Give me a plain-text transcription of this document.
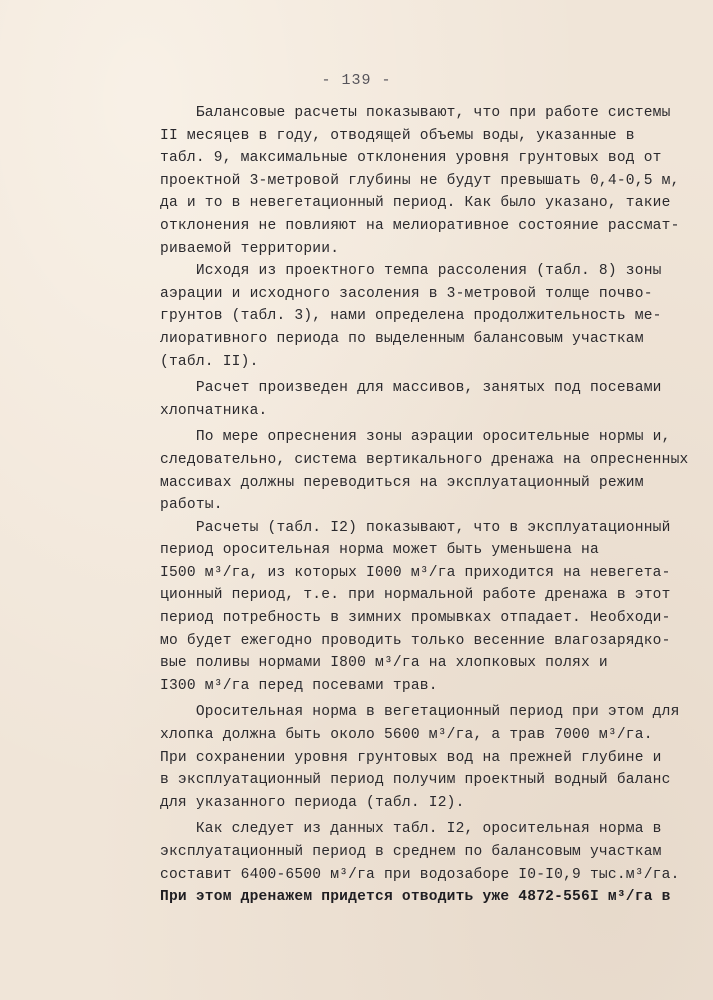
- 139 -
Балансовые расчеты показывают, что при работе системы
II месяцев в году, отводящей объемы воды, указанные в
табл. 9, максимальные отклонения уровня грунтовых вод от
проектной 3-метровой глубины не будут превышать 0,4-0,5 м,
да и то в невегетационный период. Как было указано, такие
отклонения не повлияют на мелиоративное состояние рассмат-
риваемой территории.
Исходя из проектного темпа рассоления (табл. 8) зоны
аэрации и исходного засоления в 3-метровой толще почво-
грунтов (табл. 3), нами определена продолжительность ме-
лиоративного периода по выделенным балансовым участкам
(табл. II).
Расчет произведен для массивов, занятых под посевами
хлопчатника.
По мере опреснения зоны аэрации оросительные нормы и,
следовательно, система вертикального дренажа на опресненных
массивах должны переводиться на эксплуатационный режим
работы.
Расчеты (табл. I2) показывают, что в эксплуатационный
период оросительная норма может быть уменьшена на
I500 м³/га, из которых I000 м³/га приходится на невегета-
ционный период, т.е. при нормальной работе дренажа в этот
период потребность в зимних промывках отпадает. Необходи-
мо будет ежегодно проводить только весенние влагозарядко-
вые поливы нормами I800 м³/га на хлопковых полях и
I300 м³/га перед посевами трав.
Оросительная норма в вегетационный период при этом для
хлопка должна быть около 5600 м³/га, а трав 7000 м³/га.
При сохранении уровня грунтовых вод на прежней глубине и
в эксплуатационный период получим проектный водный баланс
для указанного периода (табл. I2).
Как следует из данных табл. I2, оросительная норма в
эксплуатационный период в среднем по балансовым участкам
составит 6400-6500 м³/га при водозаборе I0-I0,9 тыс.м³/га.
При этом дренажем придется отводить уже 4872-556I м³/га в
